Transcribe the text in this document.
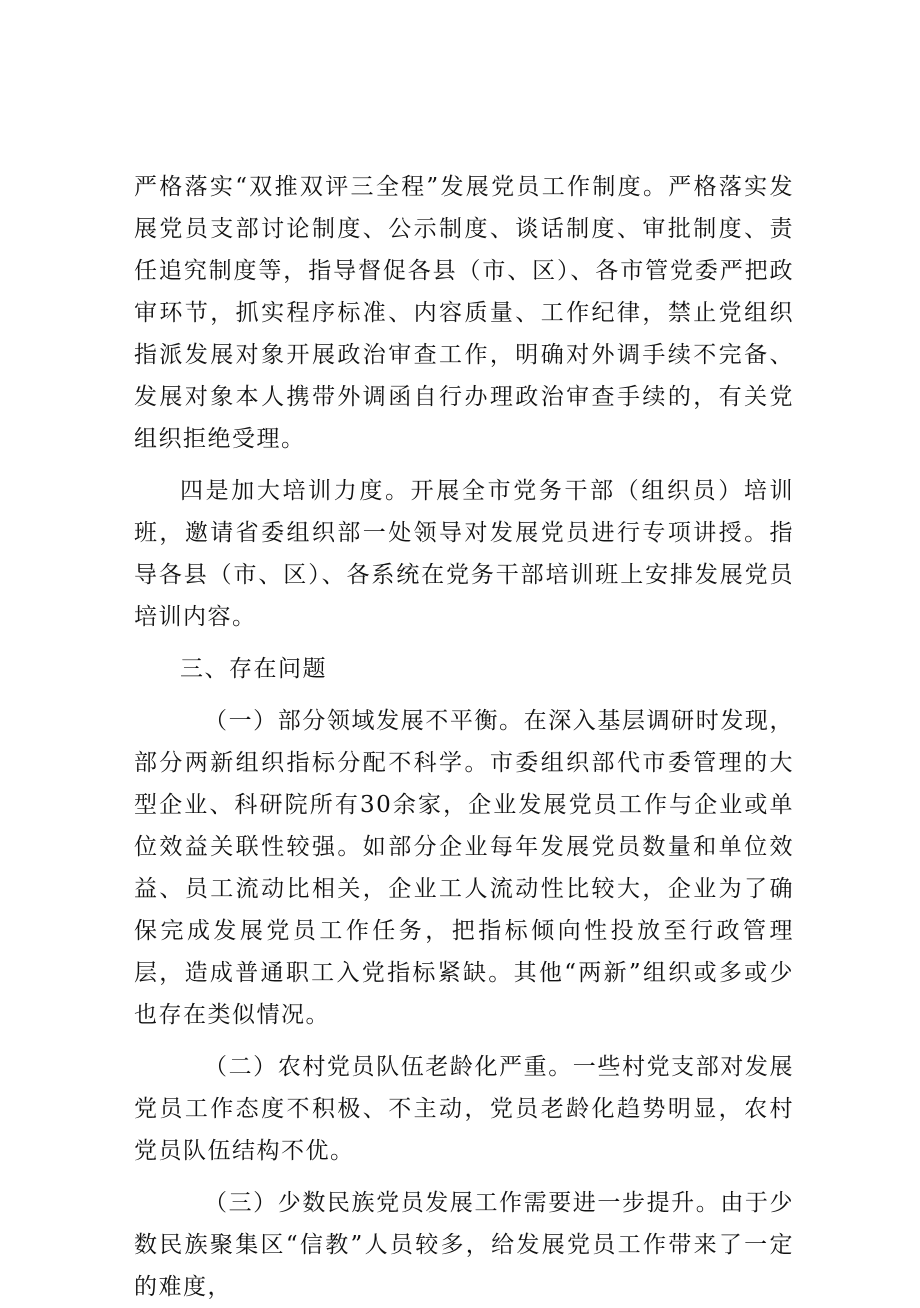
严格落实“双推双评三全程”发展党员工作制度。严格落实发展党员支部讨论制度、公示制度、谈话制度、审批制度、责任追究制度等，指导督促各县（市、区）、各市管党委严把政审环节，抓实程序标准、内容质量、工作纪律，禁止党组织指派发展对象开展政治审查工作，明确对外调手续不完备、发展对象本人携带外调函自行办理政治审查手续的，有关党组织拒绝受理。

四是加大培训力度。开展全市党务干部（组织员）培训班，邀请省委组织部一处领导对发展党员进行专项讲授。指导各县（市、区）、各系统在党务干部培训班上安排发展党员培训内容。

三、存在问题

（一）部分领域发展不平衡。在深入基层调研时发现，部分两新组织指标分配不科学。市委组织部代市委管理的大型企业、科研院所有30余家，企业发展党员工作与企业或单位效益关联性较强。如部分企业每年发展党员数量和单位效益、员工流动比相关，企业工人流动性比较大，企业为了确保完成发展党员工作任务，把指标倾向性投放至行政管理层，造成普通职工入党指标紧缺。其他“两新”组织或多或少也存在类似情况。

（二）农村党员队伍老龄化严重。一些村党支部对发展党员工作态度不积极、不主动，党员老龄化趋势明显，农村党员队伍结构不优。

（三）少数民族党员发展工作需要进一步提升。由于少数民族聚集区“信教”人员较多，给发展党员工作带来了一定的难度，
